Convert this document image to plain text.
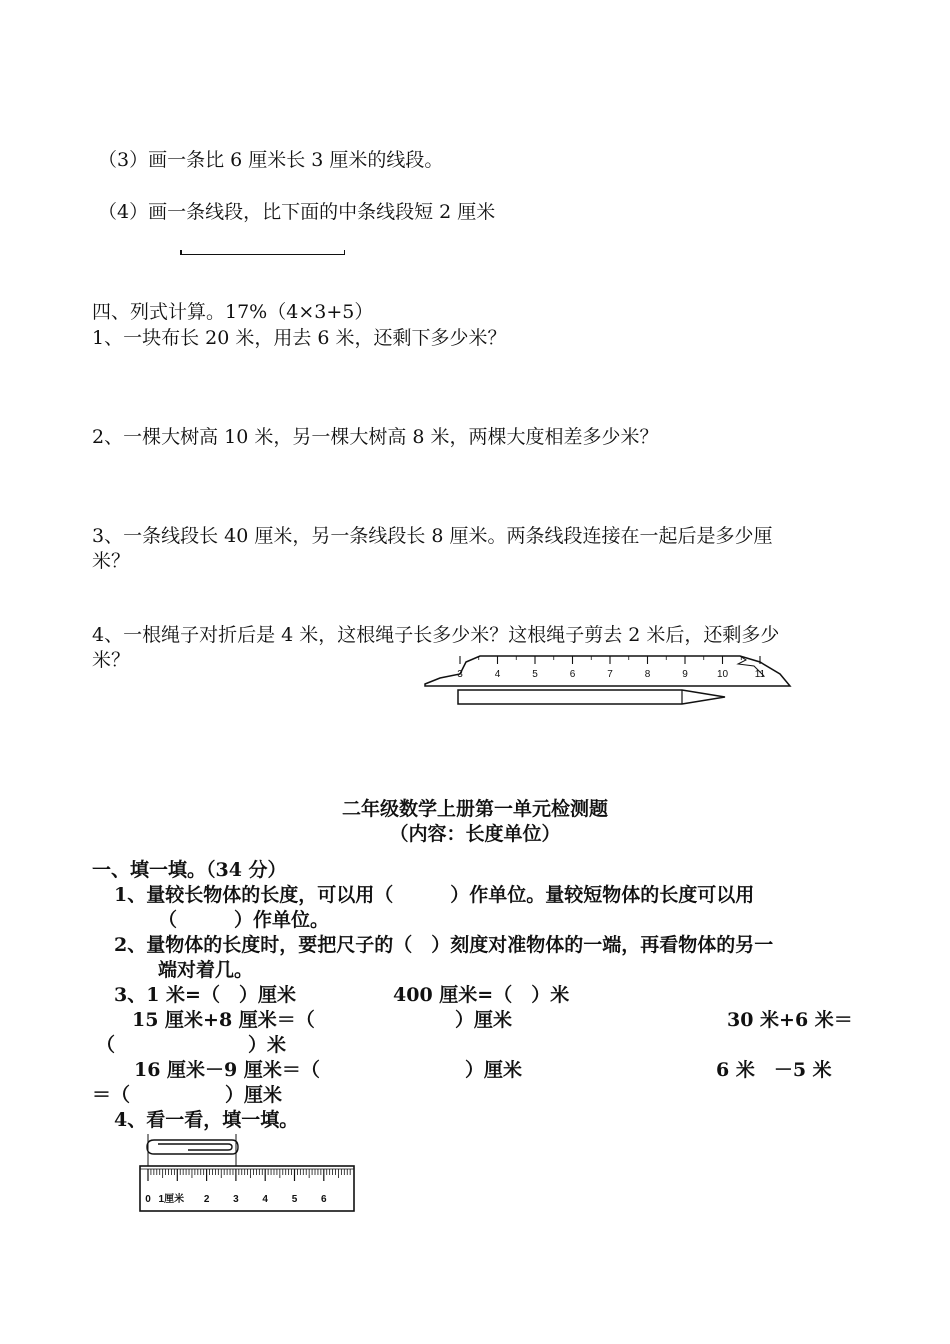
（3）画一条比 6 厘米长 3 厘米的线段。
（4）画一条线段，比下面的中条线段短 2 厘米
四、列式计算。17%（4×3+5）
1、一块布长 20 米，用去 6 米，还剩下多少米？
2、一棵大树高 10 米，另一棵大树高 8 米，两棵大度相差多少米？
3、一条线段长 40 厘米，另一条线段长 8 厘米。两条线段连接在一起后是多少厘
米？
4、一根绳子对折后是 4 米，这根绳子长多少米？这根绳子剪去 2 米后，还剩多少
米？
3	4	5	6	7	8	9	10	11
二年级数学上册第一单元检测题
（内容：长度单位）
一、填一填。（34 分）
1、量较长物体的长度，可以用（　　　）作单位。量较短物体的长度可以用
（　　　）作单位。
2、量物体的长度时，要把尺子的（　）刻度对准物体的一端，再看物体的另一
端对着几。
3、1 米=（　）厘米	400 厘米=（　）米
15 厘米+8 厘米＝（	）厘米	30 米+6 米＝
（　　　　　　　）米
16 厘米－9 厘米＝（	）厘米	6 米　－5 米
＝（　　　　　）厘米
4、看一看，填一填。
0 1厘米 2 3 4 5 6
